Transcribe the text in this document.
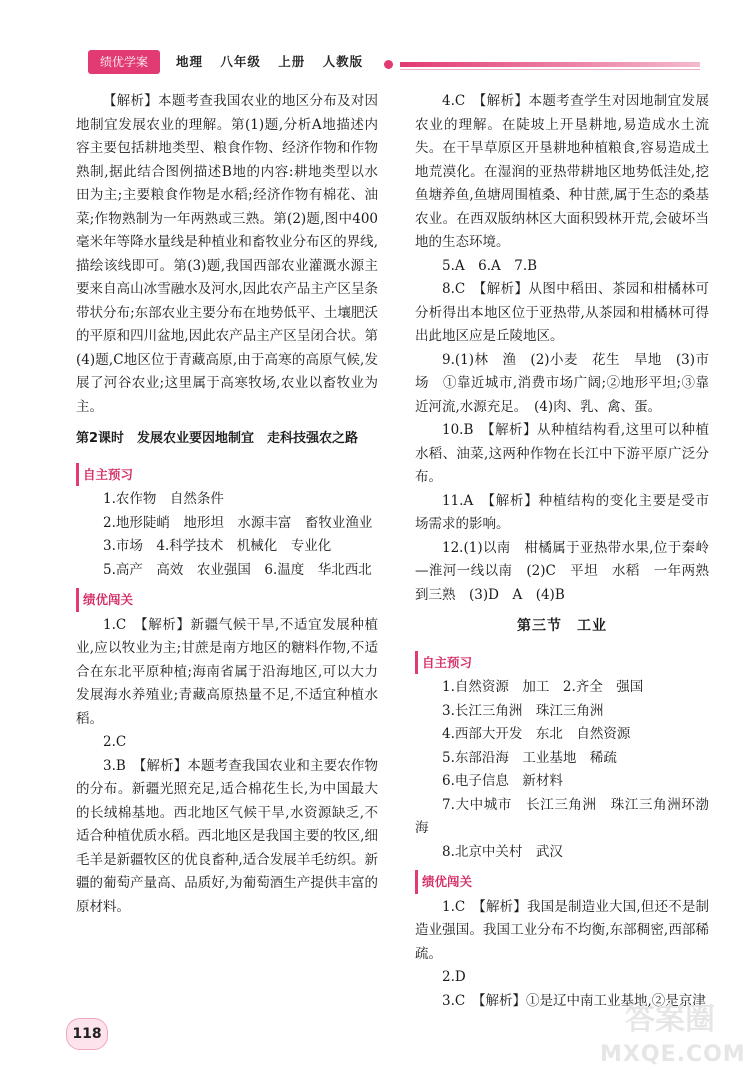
绩优学案	地理 八年级 上册 人教版

【解析】本题考查我国农业的地区分布及对因地制宜发展农业的理解。第(1)题,分析A地描述内容主要包括耕地类型、粮食作物、经济作物和作物熟制,据此结合图例描述B地的内容:耕地类型以水田为主;主要粮食作物是水稻;经济作物有棉花、油菜;作物熟制为一年两熟或三熟。第(2)题,图中400毫米年等降水量线是种植业和畜牧业分布区的界线,描绘该线即可。第(3)题,我国西部农业灌溉水源主要来自高山冰雪融水及河水,因此农产品主产区呈条带状分布;东部农业主要分布在地势低平、土壤肥沃的平原和四川盆地,因此农产品主产区呈闭合状。第(4)题,C地区位于青藏高原,由于高寒的高原气候,发展了河谷农业;这里属于高寒牧场,农业以畜牧业为主。

第2课时　发展农业要因地制宜　走科技强农之路
自主预习

1.农作物　自然条件

2.地形陡峭　地形坦　水源丰富　畜牧业渔业

3.市场　4.科学技术　机械化　专业化

5.高产　高效　农业强国　6.温度　华北西北

绩优闯关

1.C　【解析】新疆气候干旱,不适宜发展种植业,应以牧业为主;甘蔗是南方地区的糖料作物,不适合在东北平原种植;海南省属于沿海地区,可以大力发展海水养殖业;青藏高原热量不足,不适宜种植水稻。

2.C

3.B　【解析】本题考查我国农业和主要农作物的分布。新疆光照充足,适合棉花生长,为中国最大的长绒棉基地。西北地区气候干旱,水资源缺乏,不适合种植优质水稻。西北地区是我国主要的牧区,细毛羊是新疆牧区的优良畜种,适合发展羊毛纺织。新疆的葡萄产量高、品质好,为葡萄酒生产提供丰富的原材料。

4.C　【解析】本题考查学生对因地制宜发展农业的理解。在陡坡上开垦耕地,易造成水土流失。在干旱草原区开垦耕地种植粮食,容易造成土地荒漠化。在湿润的亚热带耕地区地势低洼处,挖鱼塘养鱼,鱼塘周围植桑、种甘蔗,属于生态的桑基农业。在西双版纳林区大面积毁林开荒,会破坏当地的生态环境。

5.A　6.A　7.B

8.C　【解析】从图中稻田、茶园和柑橘林可分析得出本地区位于亚热带,从茶园和柑橘林可得出此地区应是丘陵地区。

9.(1)林　渔　(2)小麦　花生　旱地　(3)市场　①靠近城市,消费市场广阔;②地形平坦;③靠近河流,水源充足。　(4)肉、乳、禽、蛋。

10.B　【解析】从种植结构看,这里可以种植水稻、油菜,这两种作物在长江中下游平原广泛分布。

11.A　【解析】种植结构的变化主要是受市场需求的影响。

12.(1)以南　柑橘属于亚热带水果,位于秦岭—淮河一线以南　(2)C　平坦　水稻　一年两熟到三熟　(3)D　A　(4)B

第三节　工业
自主预习

1.自然资源　加工　2.齐全　强国

3.长江三角洲　珠江三角洲

4.西部大开发　东北　自然资源

5.东部沿海　工业基地　稀疏

6.电子信息　新材料

7.大中城市　长江三角洲　珠江三角洲环渤海

8.北京中关村　武汉

绩优闯关

1.C　【解析】我国是制造业大国,但还不是制造业强国。我国工业分布不均衡,东部稠密,西部稀疏。

2.D

3.C　【解析】①是辽中南工业基地,②是京津

118	答案圈
MXQE.COM
